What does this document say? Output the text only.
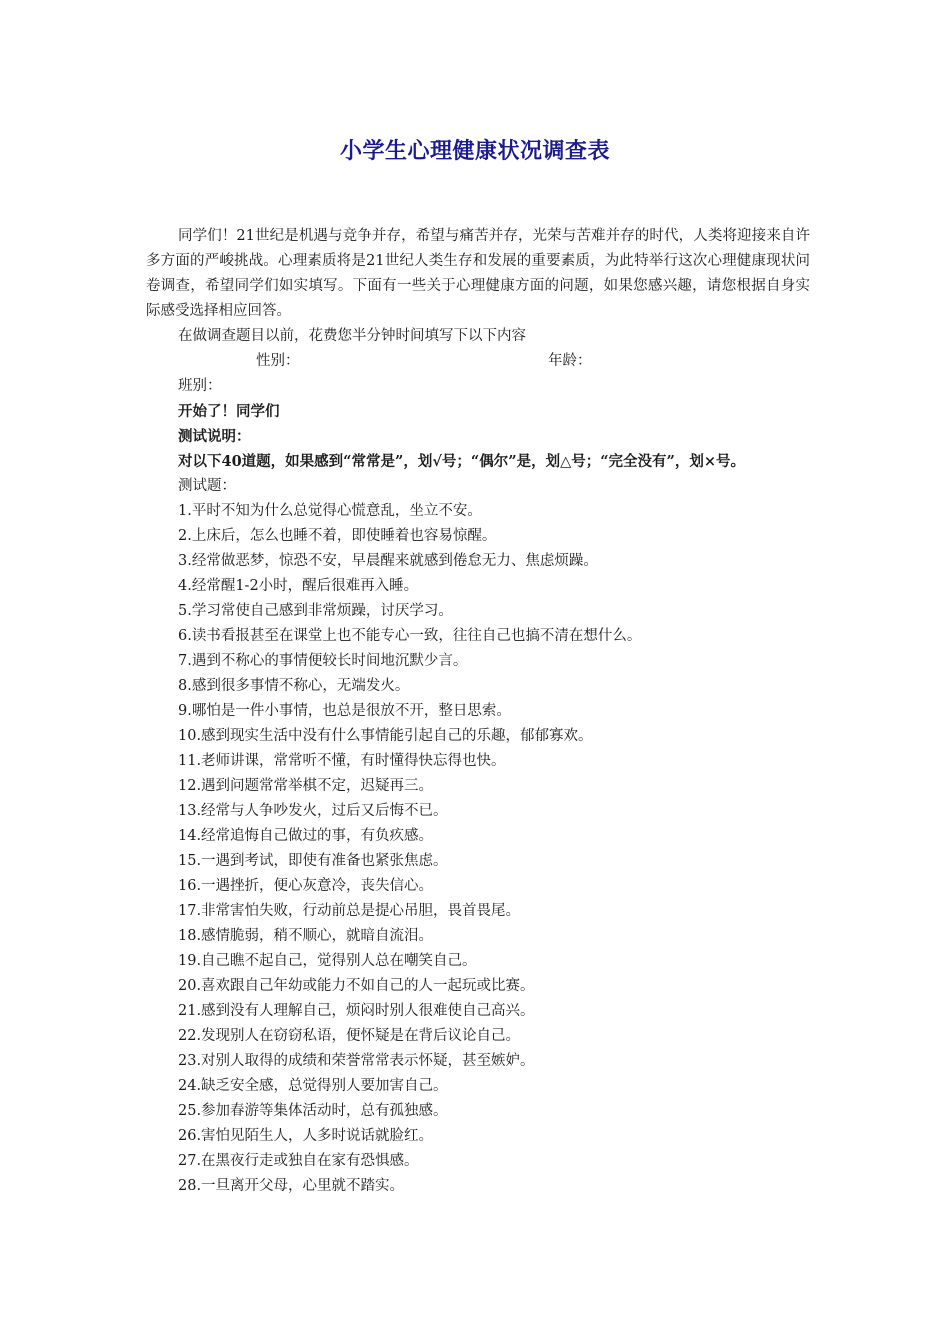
小学生心理健康状况调查表

同学们！21世纪是机遇与竞争并存，希望与痛苦并存，光荣与苦难并存的时代，人类将迎接来自许多方面的严峻挑战。心理素质将是21世纪人类生存和发展的重要素质，为此特举行这次心理健康现状问卷调查，希望同学们如实填写。下面有一些关于心理健康方面的问题，如果您感兴趣，请您根据自身实际感受选择相应回答。

在做调查题目以前，花费您半分钟时间填写下以下内容

性别：	年龄：

班别：

开始了！同学们

测试说明：

对以下40道题，如果感到“常常是”，划√号；“偶尔”是，划△号；“完全没有”，划×号。

测试题：

1.平时不知为什么总觉得心慌意乱，坐立不安。
2.上床后，怎么也睡不着，即使睡着也容易惊醒。
3.经常做恶梦，惊恐不安，早晨醒来就感到倦怠无力、焦虑烦躁。
4.经常醒1-2小时，醒后很难再入睡。
5.学习常使自己感到非常烦躁，讨厌学习。
6.读书看报甚至在课堂上也不能专心一致，往往自己也搞不清在想什么。
7.遇到不称心的事情便较长时间地沉默少言。
8.感到很多事情不称心，无端发火。
9.哪怕是一件小事情，也总是很放不开，整日思索。
10.感到现实生活中没有什么事情能引起自己的乐趣，郁郁寡欢。
11.老师讲课，常常听不懂，有时懂得快忘得也快。
12.遇到问题常常举棋不定，迟疑再三。
13.经常与人争吵发火，过后又后悔不已。
14.经常追悔自己做过的事，有负疚感。
15.一遇到考试，即使有准备也紧张焦虑。
16.一遇挫折，便心灰意冷，丧失信心。
17.非常害怕失败，行动前总是提心吊胆，畏首畏尾。
18.感情脆弱，稍不顺心，就暗自流泪。
19.自己瞧不起自己，觉得别人总在嘲笑自己。
20.喜欢跟自己年幼或能力不如自己的人一起玩或比赛。
21.感到没有人理解自己，烦闷时别人很难使自己高兴。
22.发现别人在窃窃私语，便怀疑是在背后议论自己。
23.对别人取得的成绩和荣誉常常表示怀疑，甚至嫉妒。
24.缺乏安全感，总觉得别人要加害自己。
25.参加春游等集体活动时，总有孤独感。
26.害怕见陌生人，人多时说话就脸红。
27.在黑夜行走或独自在家有恐惧感。
28.一旦离开父母，心里就不踏实。
